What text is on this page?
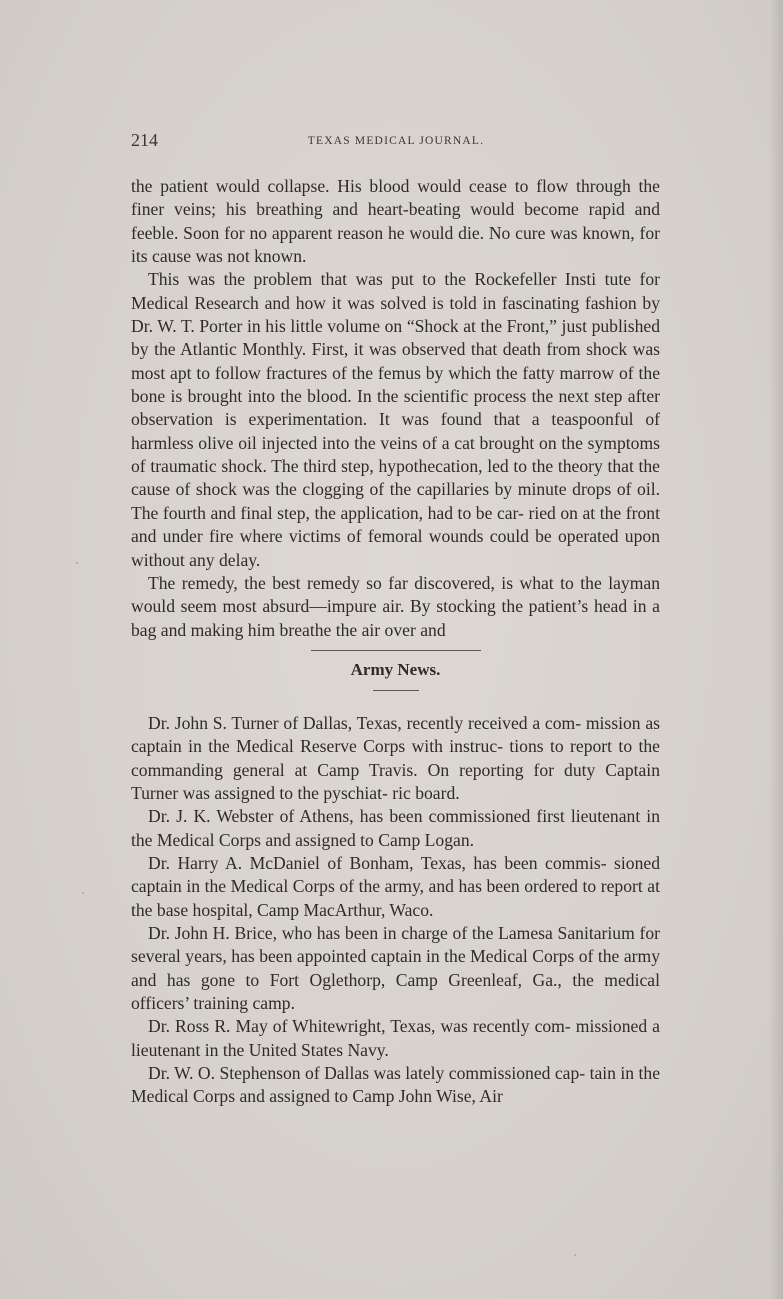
214	TEXAS MEDICAL JOURNAL.

the patient would collapse. His blood would cease to flow through the finer veins; his breathing and heart-beating would become rapid and feeble. Soon for no apparent reason he would die. No cure was known, for its cause was not known.

This was the problem that was put to the Rockefeller Insti tute for Medical Research and how it was solved is told in fascinating fashion by Dr. W. T. Porter in his little volume on “Shock at the Front,” just published by the Atlantic Monthly. First, it was observed that death from shock was most apt to follow fractures of the femus by which the fatty marrow of the bone is brought into the blood. In the scientific process the next step after observation is experimentation. It was found that a teaspoonful of harmless olive oil injected into the veins of a cat brought on the symptoms of traumatic shock. The third step, hypothecation, led to the theory that the cause of shock was the clogging of the capillaries by minute drops of oil. The fourth and final step, the application, had to be car- ried on at the front and under fire where victims of femoral wounds could be operated upon without any delay.

The remedy, the best remedy so far discovered, is what to the layman would seem most absurd—impure air. By stocking the patient’s head in a bag and making him breathe the air over and

Army News.

Dr. John S. Turner of Dallas, Texas, recently received a com- mission as captain in the Medical Reserve Corps with instruc- tions to report to the commanding general at Camp Travis. On reporting for duty Captain Turner was assigned to the pyschiat- ric board.

Dr. J. K. Webster of Athens, has been commissioned first lieutenant in the Medical Corps and assigned to Camp Logan.

Dr. Harry A. McDaniel of Bonham, Texas, has been commis- sioned captain in the Medical Corps of the army, and has been ordered to report at the base hospital, Camp MacArthur, Waco.

Dr. John H. Brice, who has been in charge of the Lamesa Sanitarium for several years, has been appointed captain in the Medical Corps of the army and has gone to Fort Oglethorp, Camp Greenleaf, Ga., the medical officers’ training camp.

Dr. Ross R. May of Whitewright, Texas, was recently com- missioned a lieutenant in the United States Navy.

Dr. W. O. Stephenson of Dallas was lately commissioned cap- tain in the Medical Corps and assigned to Camp John Wise, Air
